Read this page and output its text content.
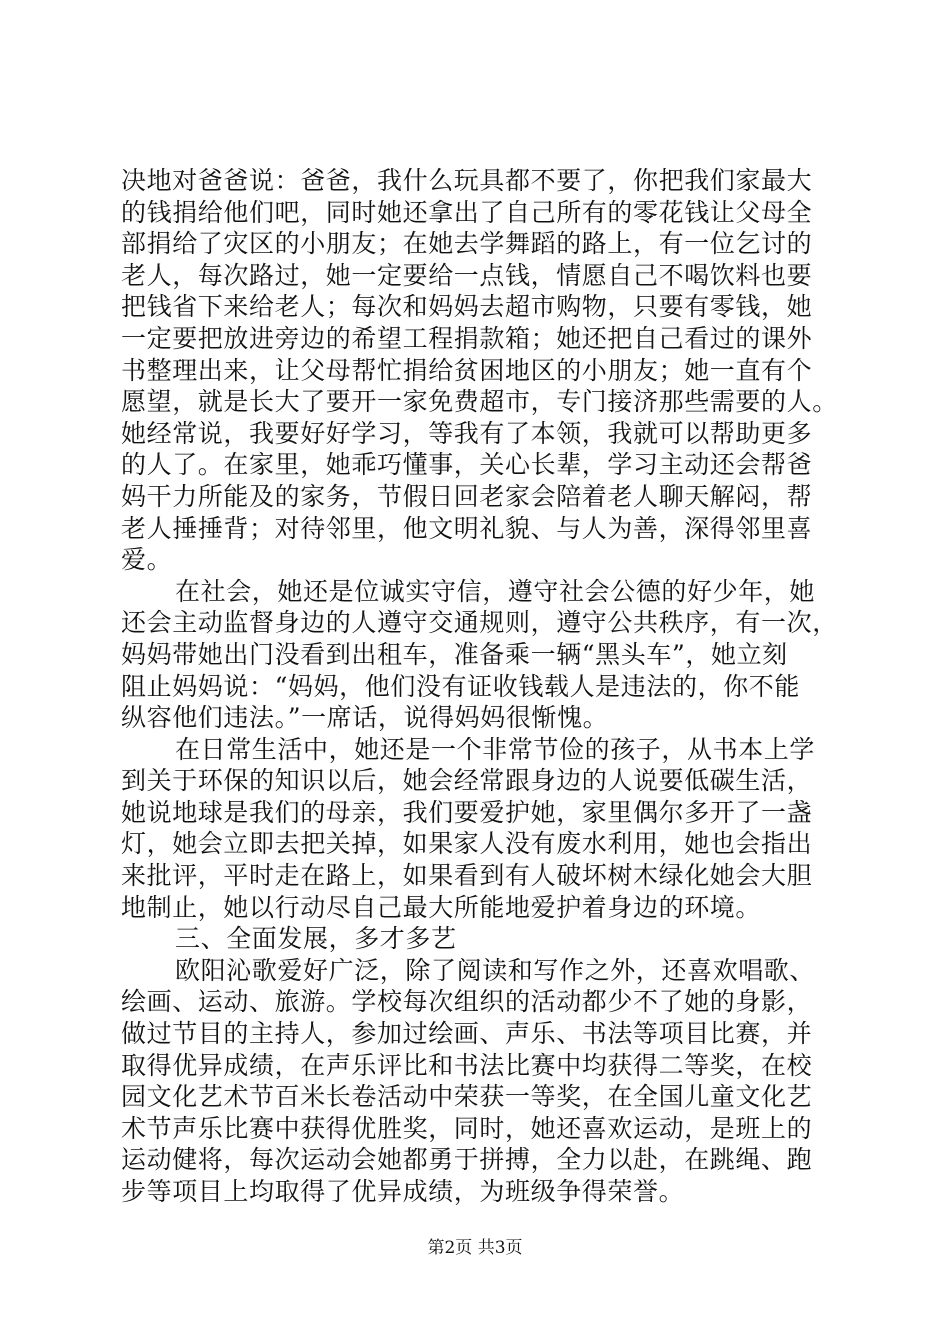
决地对爸爸说：爸爸，我什么玩具都不要了，你把我们家最大
的钱捐给他们吧，同时她还拿出了自己所有的零花钱让父母全
部捐给了灾区的小朋友；在她去学舞蹈的路上，有一位乞讨的
老人，每次路过，她一定要给一点钱，情愿自己不喝饮料也要
把钱省下来给老人；每次和妈妈去超市购物，只要有零钱，她
一定要把放进旁边的希望工程捐款箱；她还把自己看过的课外
书整理出来，让父母帮忙捐给贫困地区的小朋友；她一直有个
愿望，就是长大了要开一家免费超市，专门接济那些需要的人。
她经常说，我要好好学习，等我有了本领，我就可以帮助更多
的人了。在家里，她乖巧懂事，关心长辈，学习主动还会帮爸
妈干力所能及的家务，节假日回老家会陪着老人聊天解闷，帮
老人捶捶背；对待邻里，他文明礼貌、与人为善，深得邻里喜
爱。
在社会，她还是位诚实守信，遵守社会公德的好少年，她
还会主动监督身边的人遵守交通规则，遵守公共秩序，有一次，
妈妈带她出门没看到出租车，准备乘一辆“黑头车”，她立刻
阻止妈妈说：“妈妈，他们没有证收钱载人是违法的，你不能
纵容他们违法。”一席话，说得妈妈很惭愧。
在日常生活中，她还是一个非常节俭的孩子，从书本上学
到关于环保的知识以后，她会经常跟身边的人说要低碳生活，
她说地球是我们的母亲，我们要爱护她，家里偶尔多开了一盏
灯，她会立即去把关掉，如果家人没有废水利用，她也会指出
来批评，平时走在路上，如果看到有人破坏树木绿化她会大胆
地制止，她以行动尽自己最大所能地爱护着身边的环境。
三、全面发展，多才多艺
欧阳沁歌爱好广泛，除了阅读和写作之外，还喜欢唱歌、
绘画、运动、旅游。学校每次组织的活动都少不了她的身影，
做过节目的主持人，参加过绘画、声乐、书法等项目比赛，并
取得优异成绩，在声乐评比和书法比赛中均获得二等奖，在校
园文化艺术节百米长卷活动中荣获一等奖，在全国儿童文化艺
术节声乐比赛中获得优胜奖，同时，她还喜欢运动，是班上的
运动健将，每次运动会她都勇于拼搏，全力以赴，在跳绳、跑
步等项目上均取得了优异成绩，为班级争得荣誉。
第2页 共3页
